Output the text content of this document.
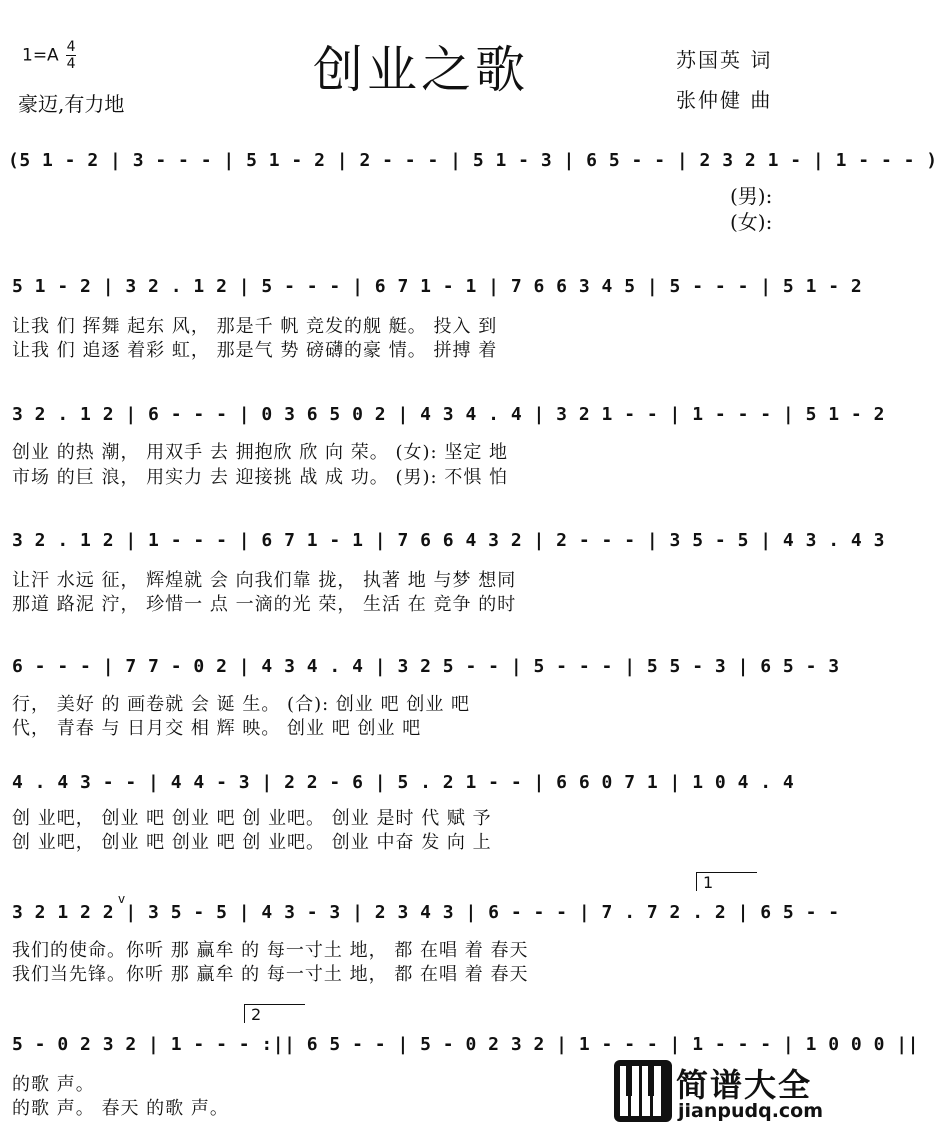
$1=A \frac{4}{4}$
豪迈,有力地
创业之歌	苏国英 词
张仲健 曲
(5 1 - 2 | 3 - - - | 5 1 - 2 | 2 - - - | 5 1 - 3 | 6 5 - - | 2 3 2 1 - | 1 - - - )
(男):
(女):
5 1 - 2 | 3 2 . 1 2 | 5 - - - | 6 7 1 - 1 | 7 6 6 3 4 5 | 5 - - - | 5 1 - 2
让我 们 挥舞 起东 风， 那是千 帆 竞发的舰 艇。 投入 到
让我 们 追逐 着彩 虹， 那是气 势 磅礴的豪 情。 拼搏 着
3 2 . 1 2 | 6 - - - | 0 3 6 5 0 2 | 4 3 4 . 4 | 3 2 1 - - | 1 - - - | 5 1 - 2
创业 的热 潮， 用双手 去 拥抱欣 欣 向 荣。 (女): 坚定 地
市场 的巨 浪， 用实力 去 迎接挑 战 成 功。 (男): 不惧 怕
3 2 . 1 2 | 1 - - - | 6 7 1 - 1 | 7 6 6 4 3 2 | 2 - - - | 3 5 - 5 | 4 3 . 4 3
让汗 水远 征， 辉煌就 会 向我们靠 拢， 执著 地 与梦 想同
那道 路泥 泞， 珍惜一 点 一滴的光 荣， 生活 在 竞争 的时
6 - - - | 7 7 - 0 2 | 4 3 4 . 4 | 3 2 5 - - | 5 - - - | 5 5 - 3 | 6 5 - 3
行， 美好 的 画卷就 会 诞 生。 (合): 创业 吧 创业 吧
代， 青春 与 日月交 相 辉 映。 创业 吧 创业 吧
4 . 4 3 - - | 4 4 - 3 | 2 2 - 6 | 5 . 2 1 - - | 6 6 0 7 1 | 1 0 4 . 4
创 业吧， 创业 吧 创业 吧 创 业吧。 创业 是时 代 赋 予
创 业吧， 创业 吧 创业 吧 创 业吧。 创业 中奋 发 向 上
1
v
3 2 1 2 2 | 3 5 - 5 | 4 3 - 3 | 2 3 4 3 | 6 - - - | 7 . 7 2 . 2 | 6 5 - -
我们的使命。你听 那 赢牟 的 每一寸土 地， 都 在唱 着 春天
我们当先锋。你听 那 赢牟 的 每一寸土 地， 都 在唱 着 春天
2
5 - 0 2 3 2 | 1 - - - :|| 6 5 - - | 5 - 0 2 3 2 | 1 - - - | 1 - - - | 1 0 0 0 ||
的歌 声。
的歌 声。 春天 的歌 声。
简谱大全
jianpudq.com
